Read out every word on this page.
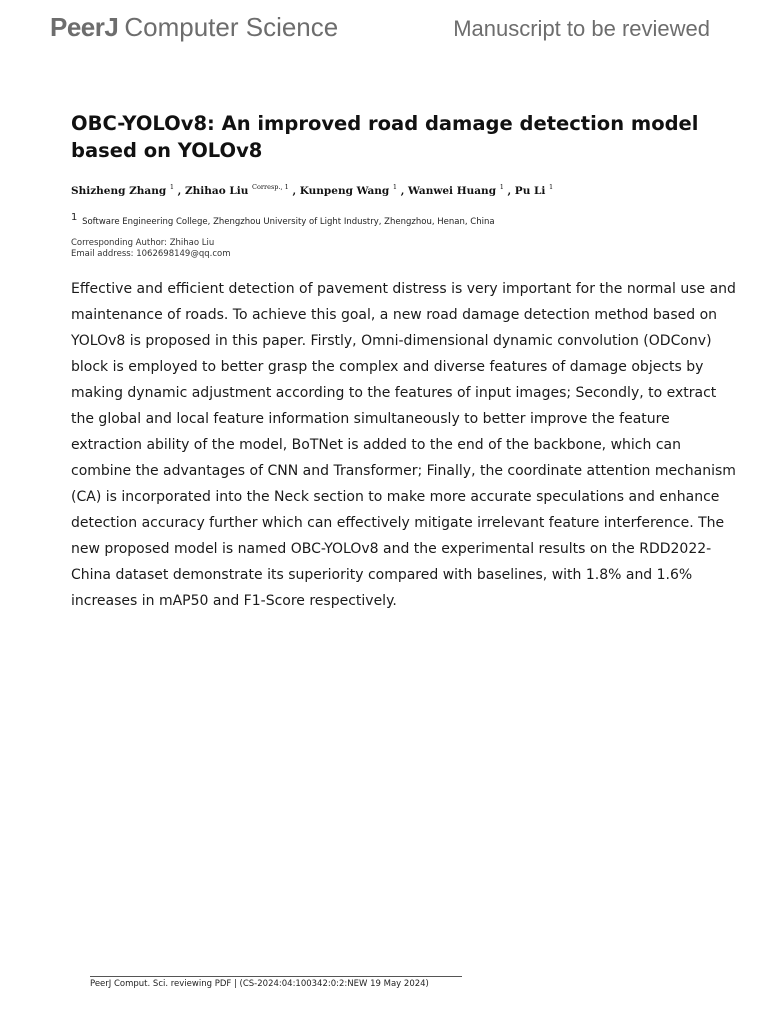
PeerJ Computer Science	Manuscript to be reviewed
OBC-YOLOv8: An improved road damage detection model based on YOLOv8
Shizheng Zhang $^1$ , Zhihao Liu $^{Corresp., 1}$ , Kunpeng Wang $^1$ , Wanwei Huang $^1$ , Pu Li $^1$
$^1$ Software Engineering College, Zhengzhou University of Light Industry, Zhengzhou, Henan, China
Corresponding Author: Zhihao Liu
Email address: 1062698149@qq.com

Effective and efficient detection of pavement distress is very important for the normal use and maintenance of roads. To achieve this goal, a new road damage detection method based on YOLOv8 is proposed in this paper. Firstly, Omni-dimensional dynamic convolution (ODConv) block is employed to better grasp the complex and diverse features of damage objects by making dynamic adjustment according to the features of input images; Secondly, to extract the global and local feature information simultaneously to better improve the feature extraction ability of the model, BoTNet is added to the end of the backbone, which can combine the advantages of CNN and Transformer; Finally, the coordinate attention mechanism (CA) is incorporated into the Neck section to make more accurate speculations and enhance detection accuracy further which can effectively mitigate irrelevant feature interference. The new proposed model is named OBC-YOLOv8 and the experimental results on the RDD2022-China dataset demonstrate its superiority compared with baselines, with 1.8% and 1.6% increases in mAP50 and F1-Score respectively.

PeerJ Comput. Sci. reviewing PDF | (CS-2024:04:100342:0:2:NEW 19 May 2024)
